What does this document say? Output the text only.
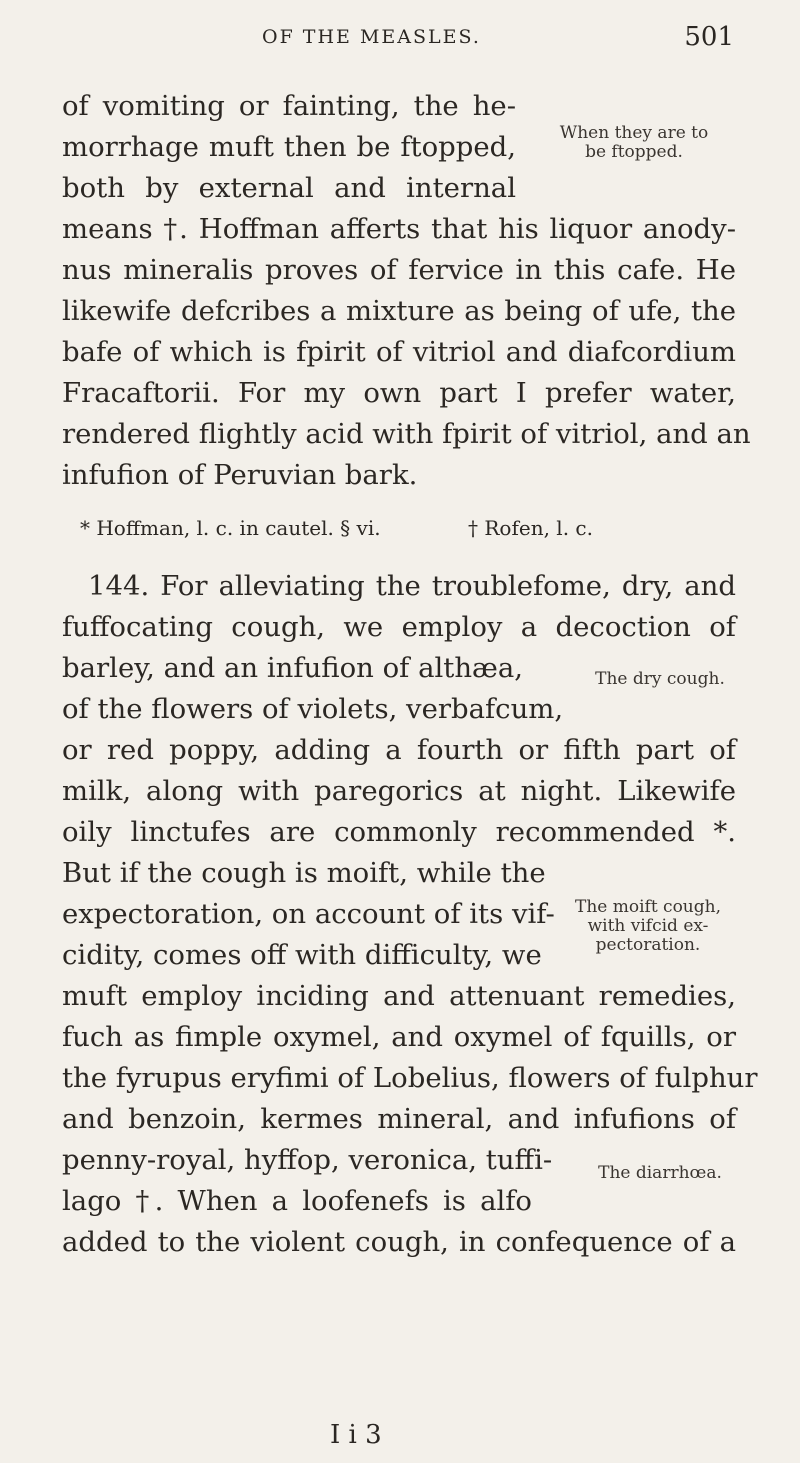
OF THE MEASLES.	501
of vomiting or fainting, the he-
morrhage muft then be ftopped,
both by external and internal
means †. Hoffman afferts that his liquor anody-
nus mineralis proves of fervice in this cafe. He
likewife defcribes a mixture as being of ufe, the
bafe of which is fpirit of vitriol and diafcordium
Fracaftorii. For my own part I prefer water,
rendered flightly acid with fpirit of vitriol, and an
infufion of Peruvian bark.
When they are to
be ftopped.
* Hoffman, l. c. in cautel. § vi.	† Rofen, l. c.
144. For alleviating the troublefome, dry, and
fuffocating cough, we employ a decoction of
barley, and an infufion of althæa,
of the flowers of violets, verbafcum,
or red poppy, adding a fourth or fifth part of
milk, along with paregorics at night. Likewife
oily linctufes are commonly recommended *.
But if the cough is moift, while the
expectoration, on account of its vif-
cidity, comes off with difficulty, we
muft employ inciding and attenuant remedies,
fuch as fimple oxymel, and oxymel of fquills, or
the fyrupus eryfimi of Lobelius, flowers of fulphur
and benzoin, kermes mineral, and infufions of
penny-royal, hyffop, veronica, tuffi-
lago †. When a loofenefs is alfo
added to the violent cough, in confequence of a
The dry cough.
The moift cough,
with vifcid ex-
pectoration.
The diarrhœa.
I i 3
